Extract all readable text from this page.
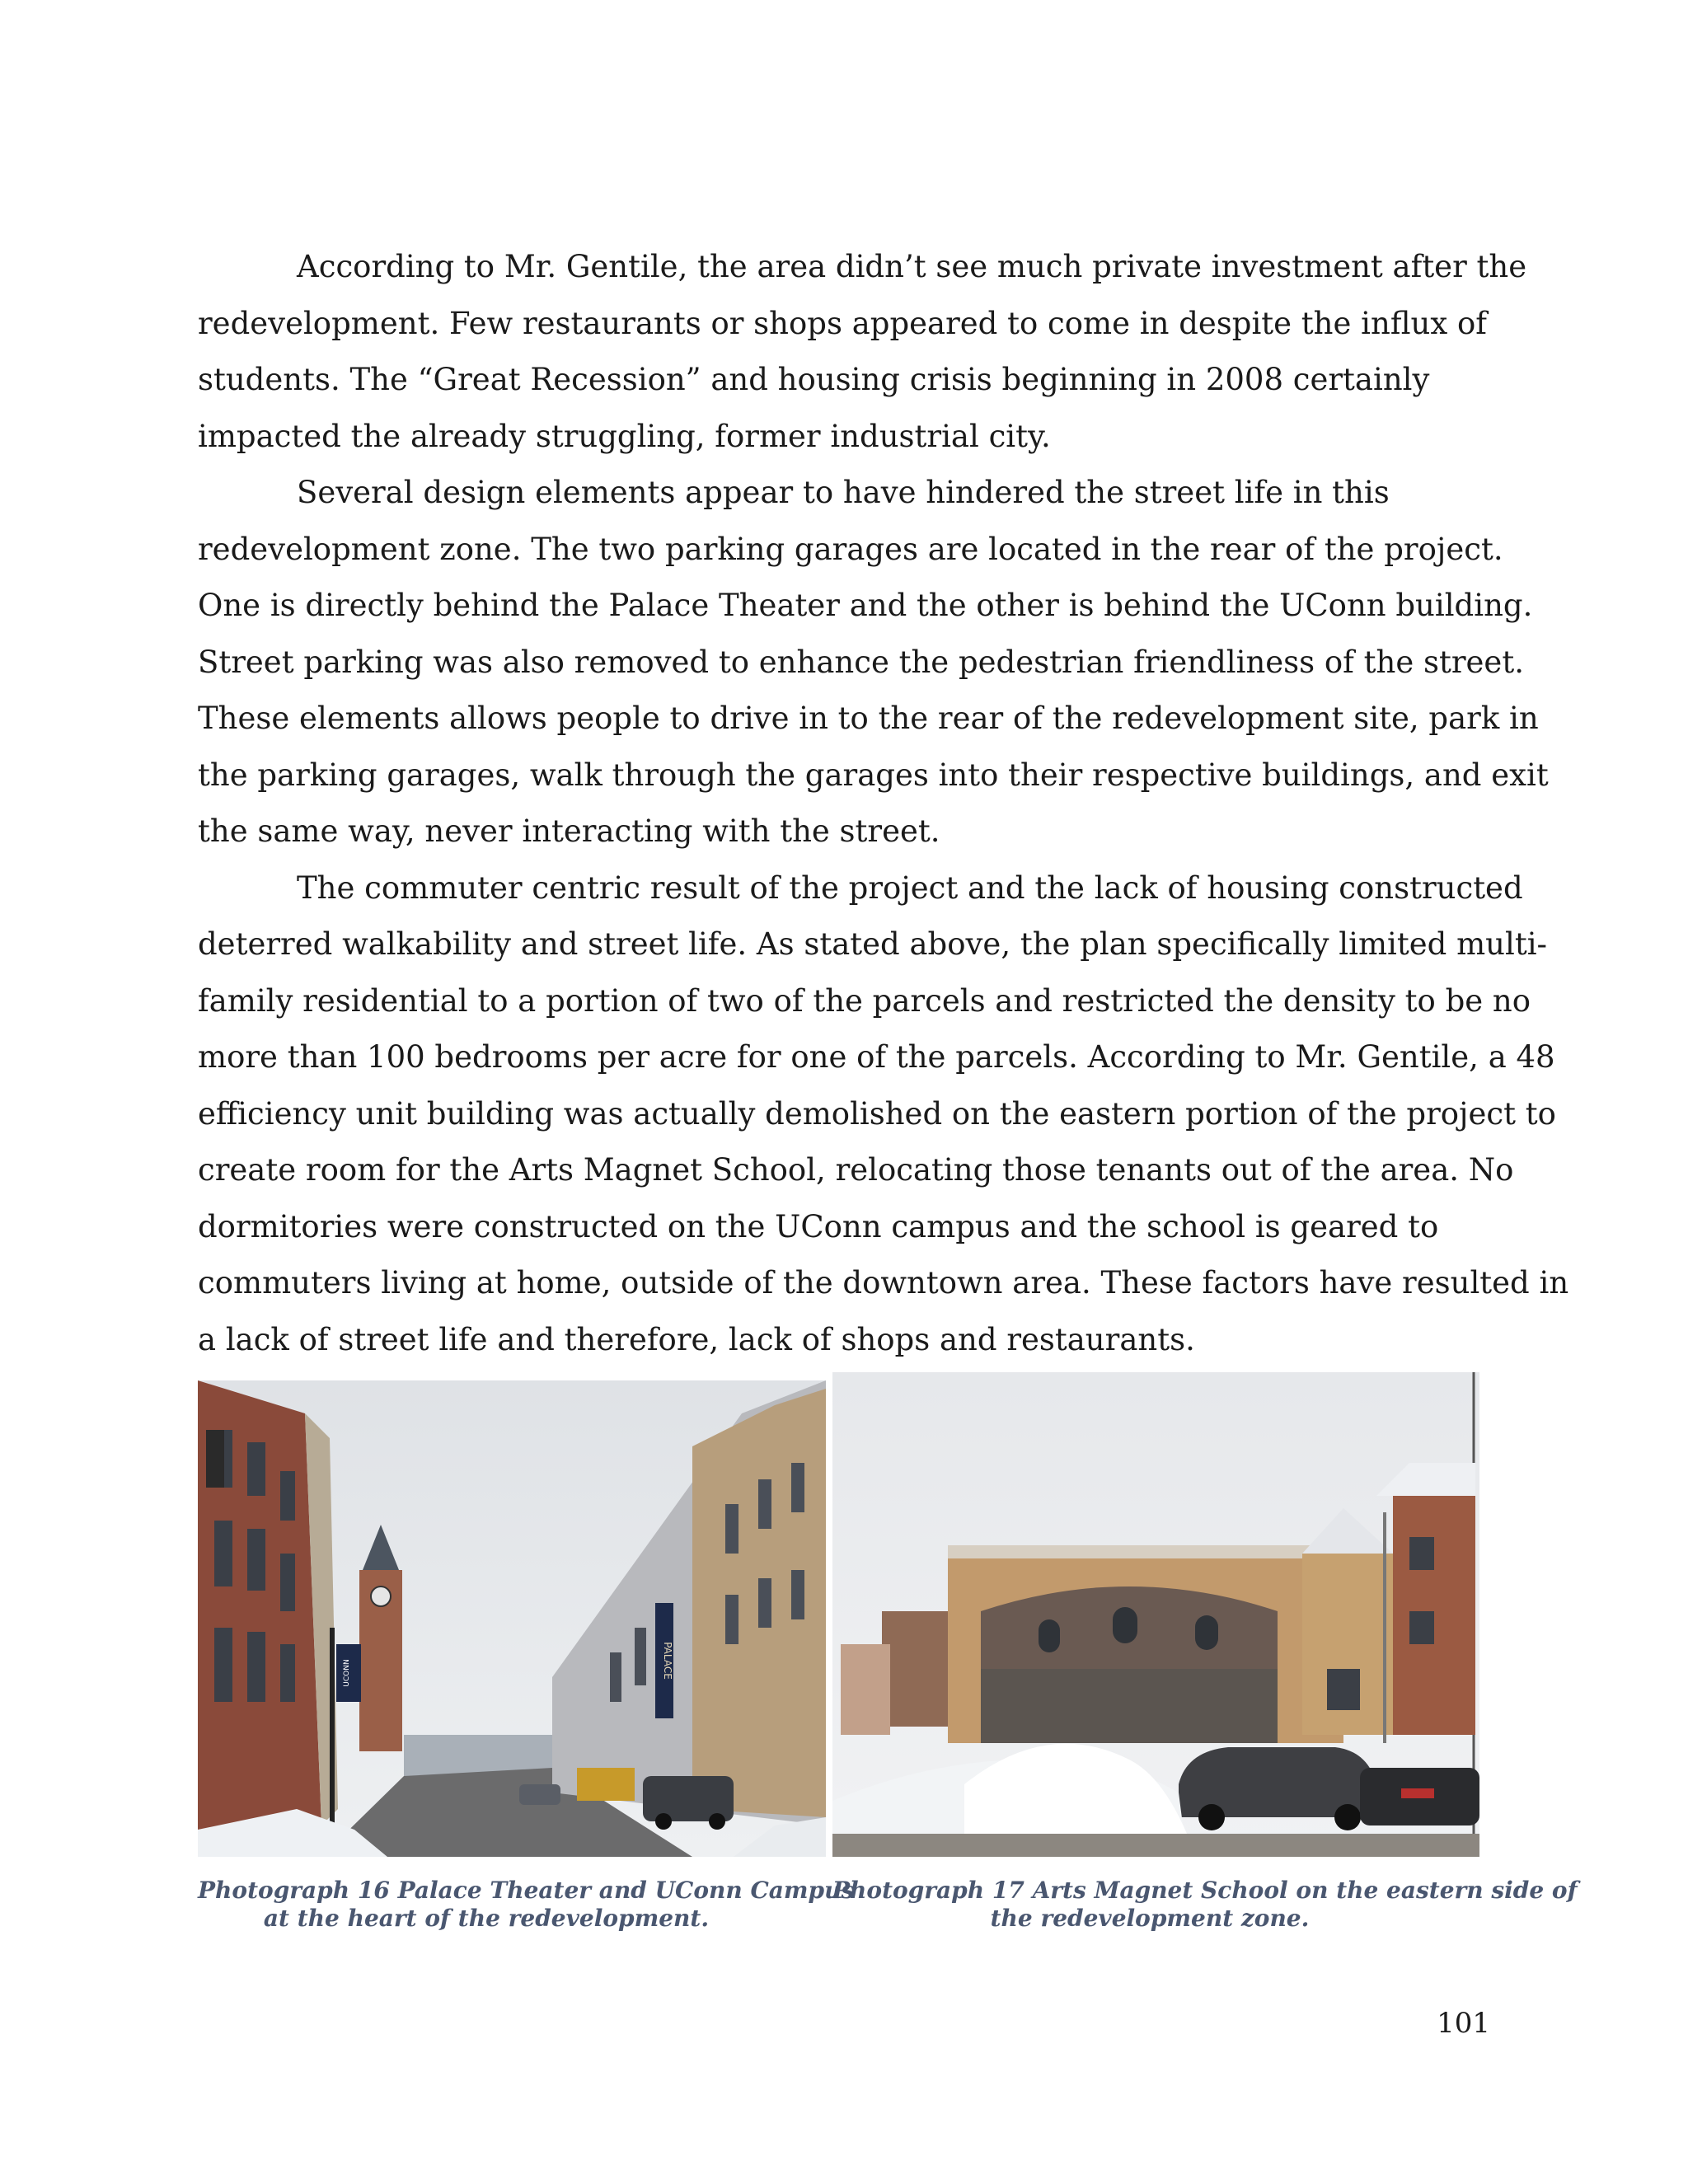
According to Mr. Gentile, the area didn’t see much private investment after the
redevelopment. Few restaurants or shops appeared to come in despite the influx of
students. The “Great Recession” and housing crisis beginning in 2008 certainly
impacted the already struggling, former industrial city.
Several design elements appear to have hindered the street life in this
redevelopment zone. The two parking garages are located in the rear of the project.
One is directly behind the Palace Theater and the other is behind the UConn building.
Street parking was also removed to enhance the pedestrian friendliness of the street.
These elements allows people to drive in to the rear of the redevelopment site, park in
the parking garages, walk through the garages into their respective buildings, and exit
the same way, never interacting with the street.
The commuter centric result of the project and the lack of housing constructed
deterred walkability and street life. As stated above, the plan specifically limited multi-
family residential to a portion of two of the parcels and restricted the density to be no
more than 100 bedrooms per acre for one of the parcels. According to Mr. Gentile, a 48
efficiency unit building was actually demolished on the eastern portion of the project to
create room for the Arts Magnet School, relocating those tenants out of the area. No
dormitories were constructed on the UConn campus and the school is geared to
commuters living at home, outside of the downtown area. These factors have resulted in
a lack of street life and therefore, lack of shops and restaurants.
UCONN	PALACE
Photograph 16 Palace Theater and UConn Campus
at the heart of the redevelopment.
Photograph 17 Arts Magnet School on the eastern side of
the redevelopment zone.
101
